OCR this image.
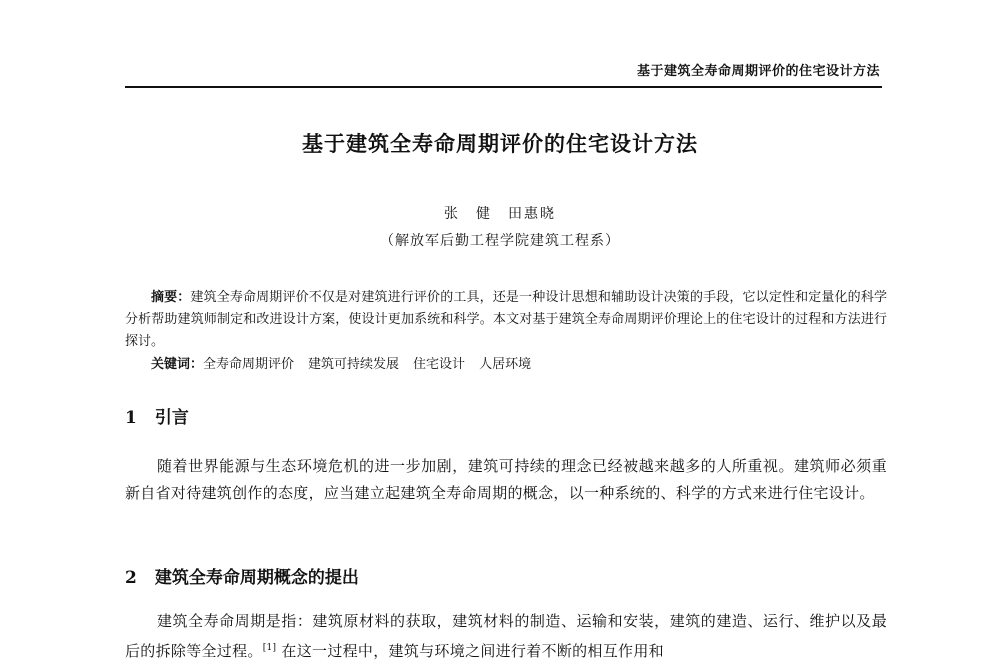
基于建筑全寿命周期评价的住宅设计方法
基于建筑全寿命周期评价的住宅设计方法
张　健　田惠晓
（解放军后勤工程学院建筑工程系）
摘要：建筑全寿命周期评价不仅是对建筑进行评价的工具，还是一种设计思想和辅助设计决策的手段，它以定性和定量化的科学分析帮助建筑师制定和改进设计方案，使设计更加系统和科学。本文对基于建筑全寿命周期评价理论上的住宅设计的过程和方法进行探讨。
关键词：全寿命周期评价 建筑可持续发展 住宅设计 人居环境
1 引言
随着世界能源与生态环境危机的进一步加剧，建筑可持续的理念已经被越来越多的人所重视。建筑师必须重新自省对待建筑创作的态度，应当建立起建筑全寿命周期的概念，以一种系统的、科学的方式来进行住宅设计。
2 建筑全寿命周期概念的提出
建筑全寿命周期是指：建筑原材料的获取，建筑材料的制造、运输和安装，建筑的建造、运行、维护以及最后的拆除等全过程。[1] 在这一过程中，建筑与环境之间进行着不断的相互作用和
